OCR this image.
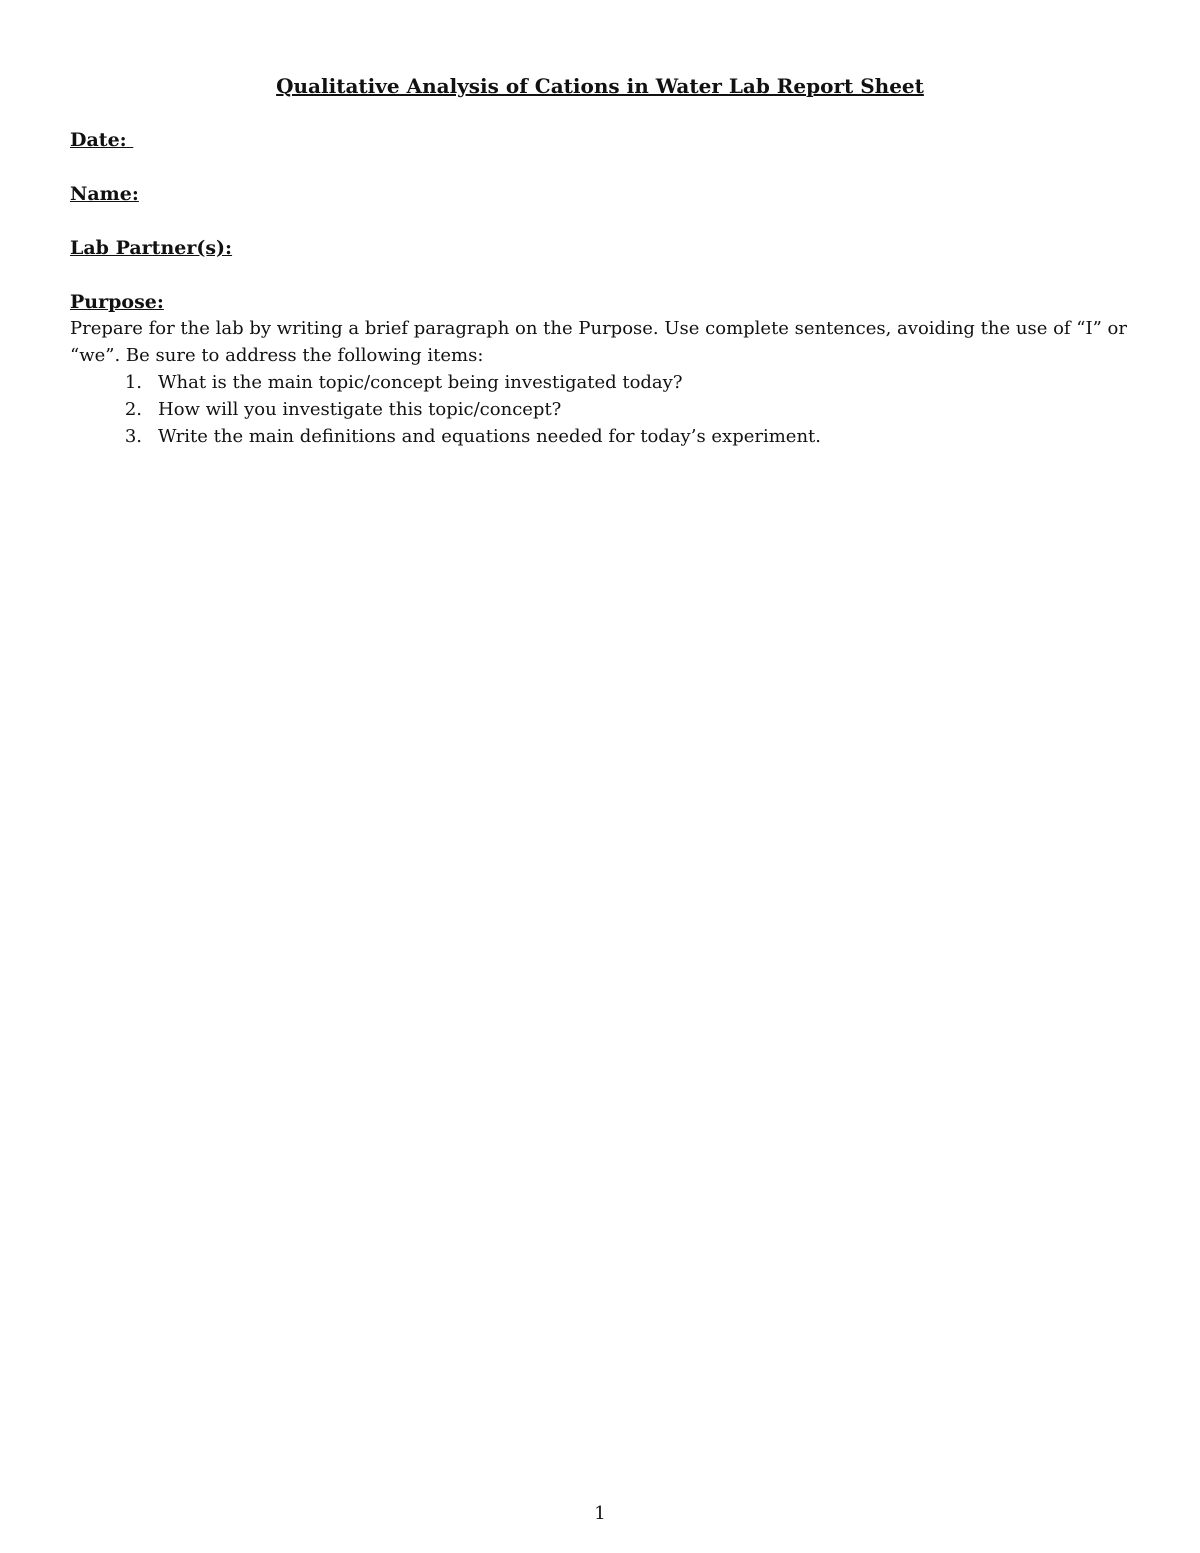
Qualitative Analysis of Cations in Water Lab Report Sheet
Date:
Name:
Lab Partner(s):
Purpose:

Prepare for the lab by writing a brief paragraph on the Purpose. Use complete sentences, avoiding the use of “I” or “we”. Be sure to address the following items:

1. What is the main topic/concept being investigated today?
2. How will you investigate this topic/concept?
3. Write the main definitions and equations needed for today’s experiment.
1
